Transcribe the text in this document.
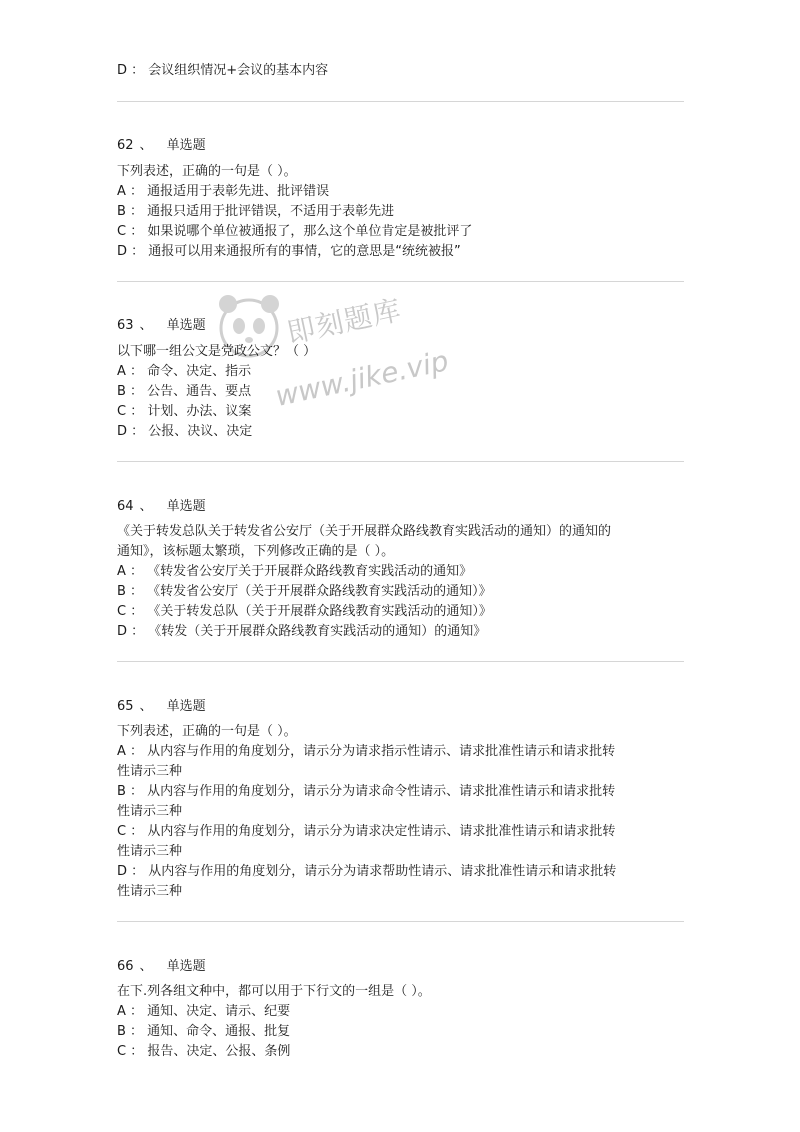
即刻题库
www.jike.vip
D ： 会议组织情况+会议的基本内容
62 、 单选题
下列表述，正确的一句是（ ）。
A ： 通报适用于表彰先进、批评错误
B ： 通报只适用于批评错误，不适用于表彰先进
C ： 如果说哪个单位被通报了，那么这个单位肯定是被批评了
D ： 通报可以用来通报所有的事情，它的意思是“统统被报”
63 、 单选题
以下哪一组公文是党政公文？（ ）
A ： 命令、决定、指示
B ： 公告、通告、要点
C ： 计划、办法、议案
D ： 公报、决议、决定
64 、 单选题
《关于转发总队关于转发省公安厅（关于开展群众路线教育实践活动的通知）的通知的
通知》，该标题太繁琐，下列修改正确的是（ ）。
A ： 《转发省公安厅关于开展群众路线教育实践活动的通知》
B ： 《转发省公安厅（关于开展群众路线教育实践活动的通知）》
C ： 《关于转发总队（关于开展群众路线教育实践活动的通知）》
D ： 《转发（关于开展群众路线教育实践活动的通知）的通知》
65 、 单选题
下列表述，正确的一句是（ ）。
A ： 从内容与作用的角度划分，请示分为请求指示性请示、请求批准性请示和请求批转
性请示三种
B ： 从内容与作用的角度划分，请示分为请求命令性请示、请求批准性请示和请求批转
性请示三种
C ： 从内容与作用的角度划分，请示分为请求决定性请示、请求批准性请示和请求批转
性请示三种
D ： 从内容与作用的角度划分，请示分为请求帮助性请示、请求批准性请示和请求批转
性请示三种
66 、 单选题
在下.列各组文种中，都可以用于下行文的一组是（ ）。
A ： 通知、决定、请示、纪要
B ： 通知、命令、通报、批复
C ： 报告、决定、公报、条例
